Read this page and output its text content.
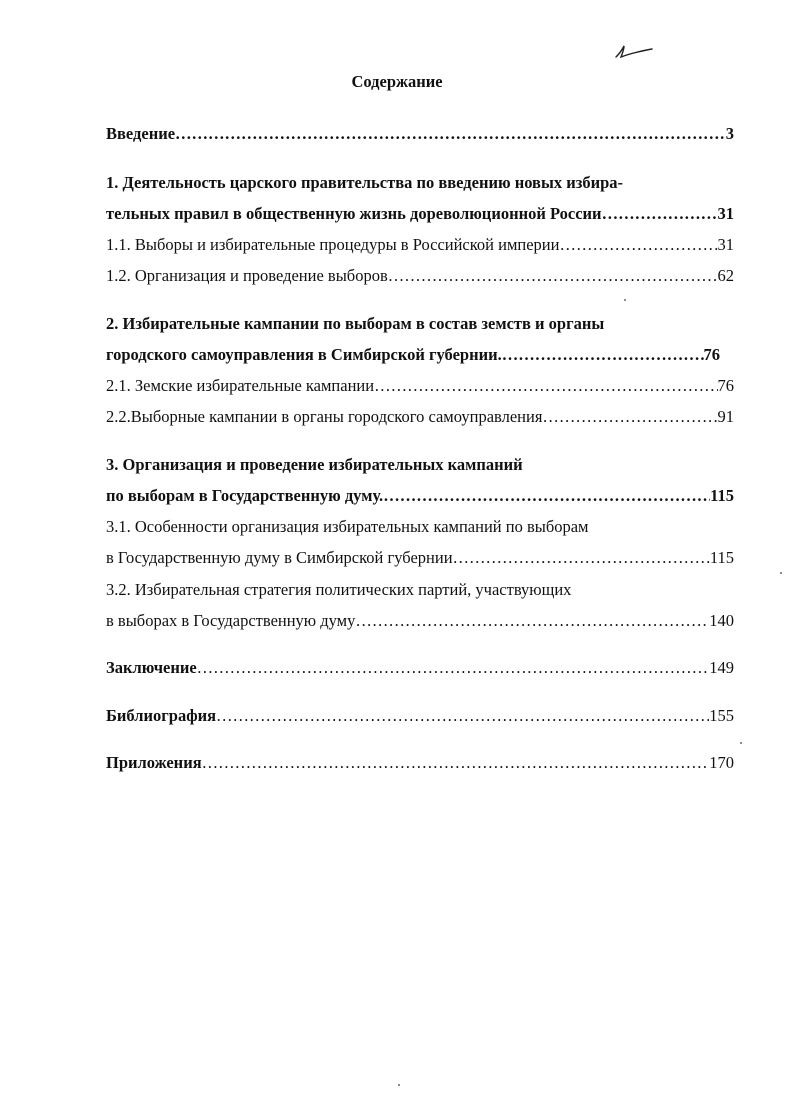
Содержание
Введение …………………………………………………………………………………………………………………………………………………………………	3
1. Деятельность царского правительства по введению новых избира-
тельных правил в общественную жизнь дореволюционной России …………………………………………………………………………………………………………………………………………………………………	31
1.1. Выборы и избирательные процедуры в Российской империи …………………………………………………………………………………………………………………………………………………………………	31
1.2. Организация и проведение выборов …………………………………………………………………………………………………………………………………………………………………	62
2. Избирательные кампании по выборам в состав земств и органы
городского самоуправления в Симбирской губернии. …………………………………………………………………………………………………………………………………………………………………	76
2.1. Земские избирательные кампании …………………………………………………………………………………………………………………………………………………………………	76
2.2.Выборные кампании в органы городского самоуправления …………………………………………………………………………………………………………………………………………………………………	91
3. Организация и проведение избирательных кампаний
по выборам в Государственную думу. …………………………………………………………………………………………………………………………………………………………………	115
3.1. Особенности организация избирательных кампаний по выборам
в Государственную думу в Симбирской губернии …………………………………………………………………………………………………………………………………………………………………	115
3.2. Избирательная стратегия политических партий, участвующих
в выборах в Государственную думу …………………………………………………………………………………………………………………………………………………………………	140
Заключение …………………………………………………………………………………………………………………………………………………………………	149
Библиография …………………………………………………………………………………………………………………………………………………………………	155
Приложения …………………………………………………………………………………………………………………………………………………………………	170
